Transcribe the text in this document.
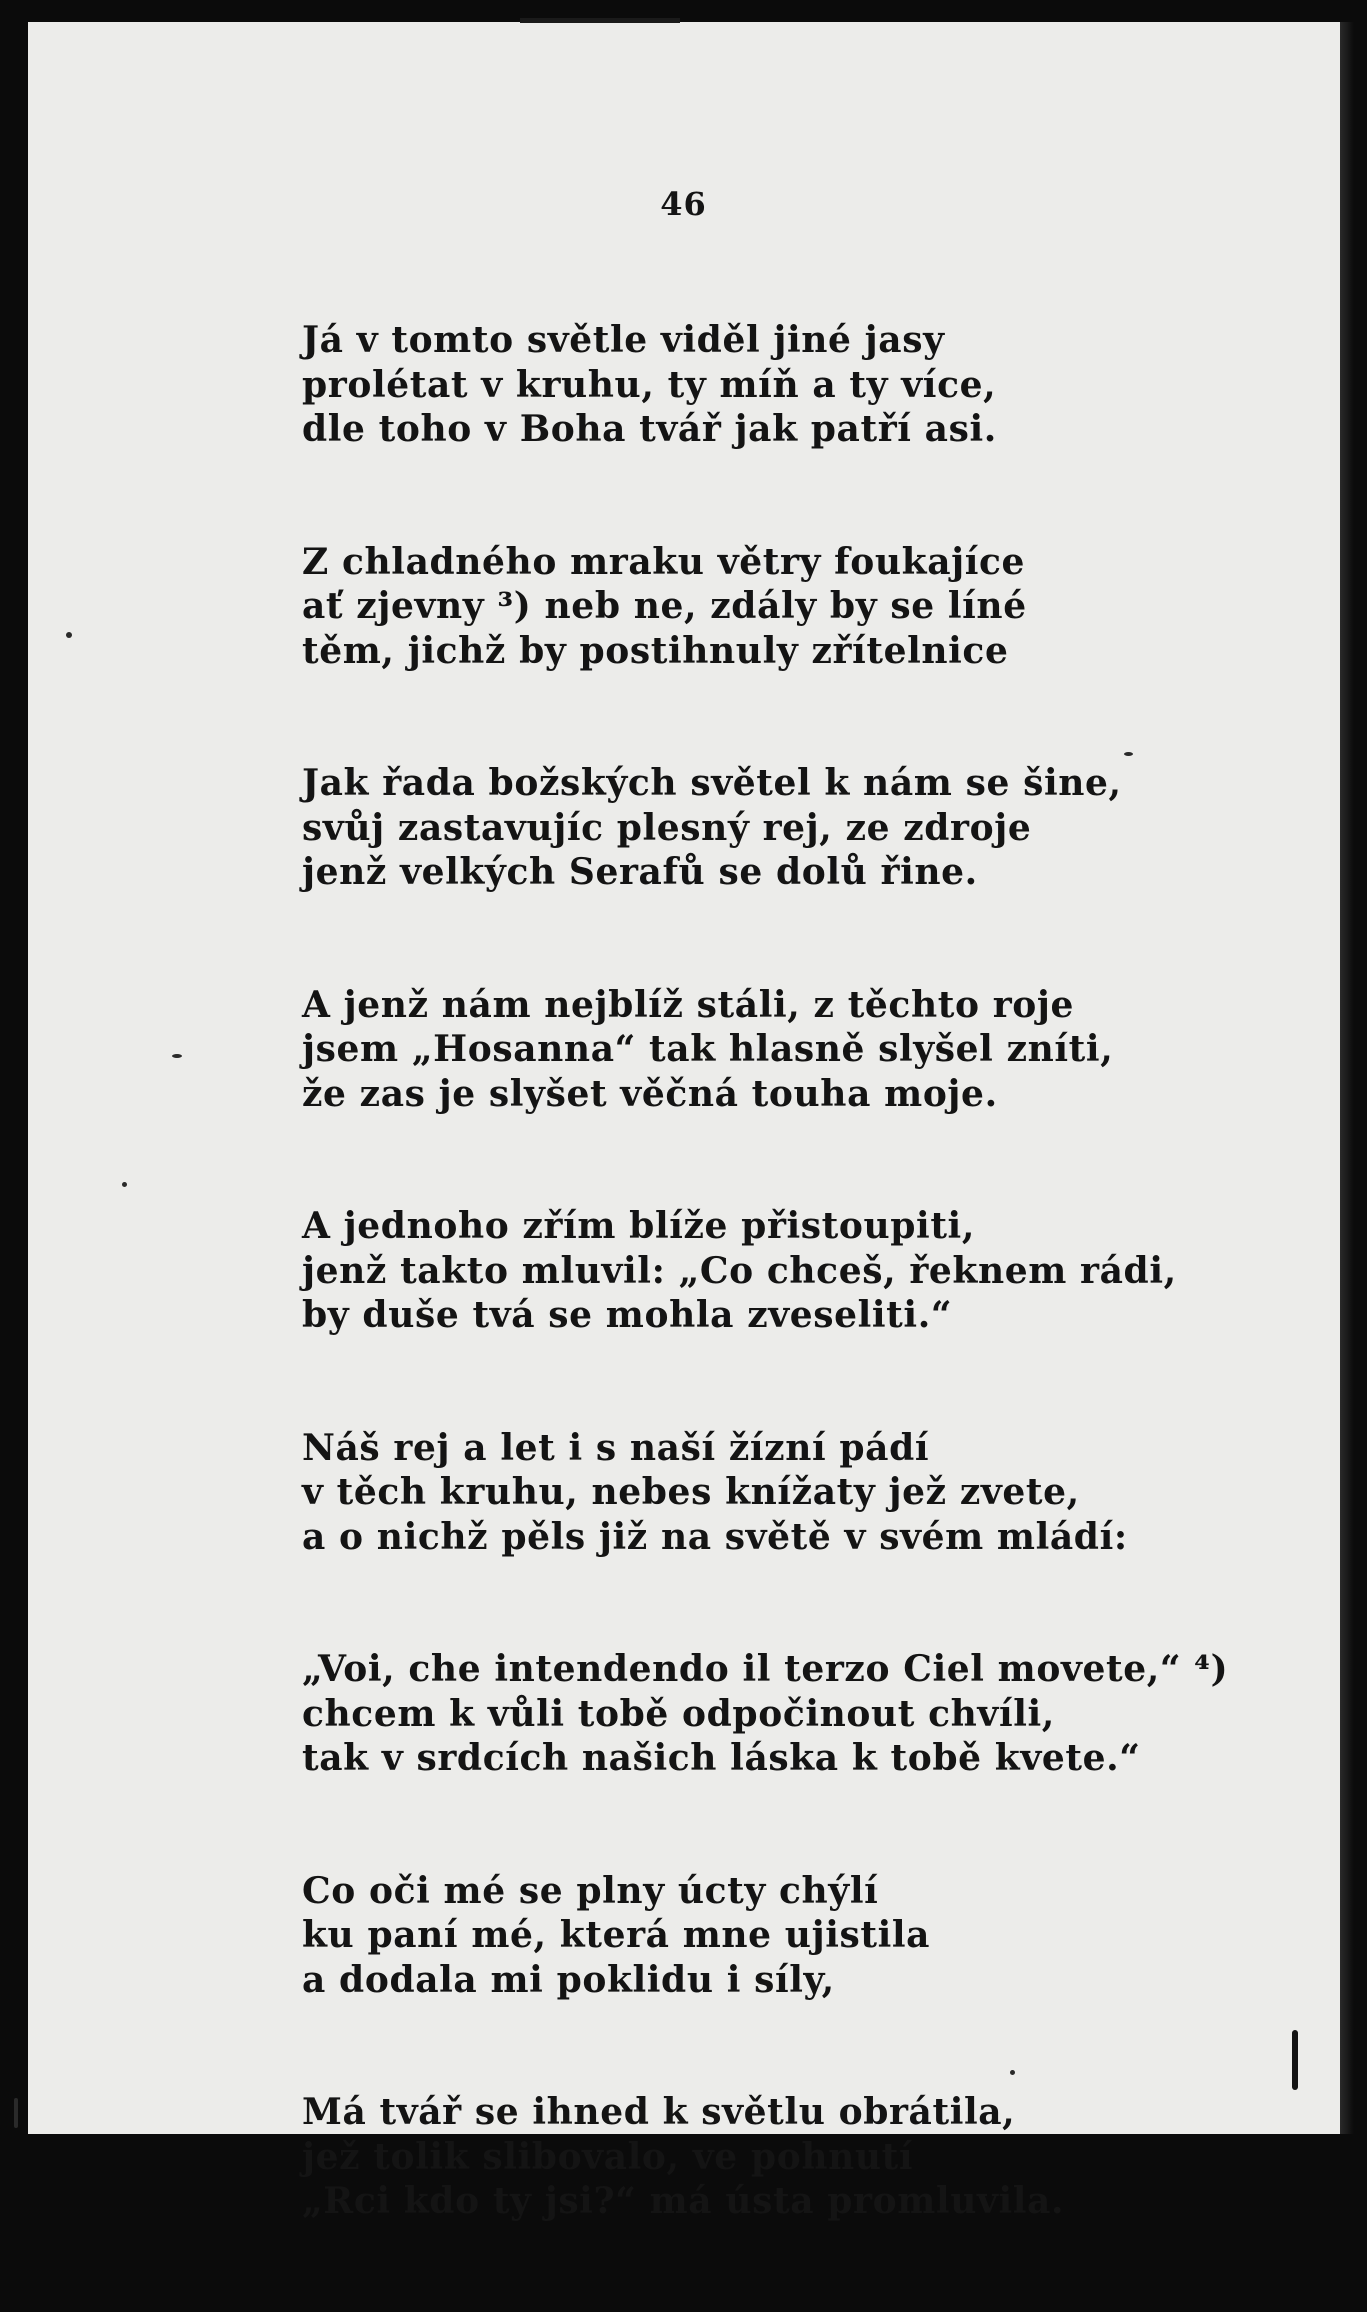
46
Já v tomto světle viděl jiné jasy
prolétat v kruhu, ty míň a ty více,
dle toho v Boha tvář jak patří asi.
Z chladného mraku větry foukajíce
ať zjevny ³) neb ne, zdály by se líné
těm, jichž by postihnuly zřítelnice
Jak řada božských světel k nám se šine,
svůj zastavujíc plesný rej, ze zdroje
jenž velkých Serafů se dolů řine.
A jenž nám nejblíž stáli, z těchto roje
jsem „Hosanna“ tak hlasně slyšel zníti,
že zas je slyšet věčná touha moje.
A jednoho zřím blíže přistoupiti,
jenž takto mluvil: „Co chceš, řeknem rádi,
by duše tvá se mohla zveseliti.“
Náš rej a let i s naší žízní pádí
v těch kruhu, nebes knížaty jež zvete,
a o nichž pěls již na světě v svém mládí:
„Voi, che intendendo il terzo Ciel movete,“ ⁴)
chcem k vůli tobě odpočinout chvíli,
tak v srdcích našich láska k tobě kvete.“
Co oči mé se plny úcty chýlí
ku paní mé, která mne ujistila
a dodala mi poklidu i síly,
Má tvář se ihned k světlu obrátila,
jež tolik slibovalo, ve pohnutí
„Rci kdo ty jsi?“ má ústa promluvila.
